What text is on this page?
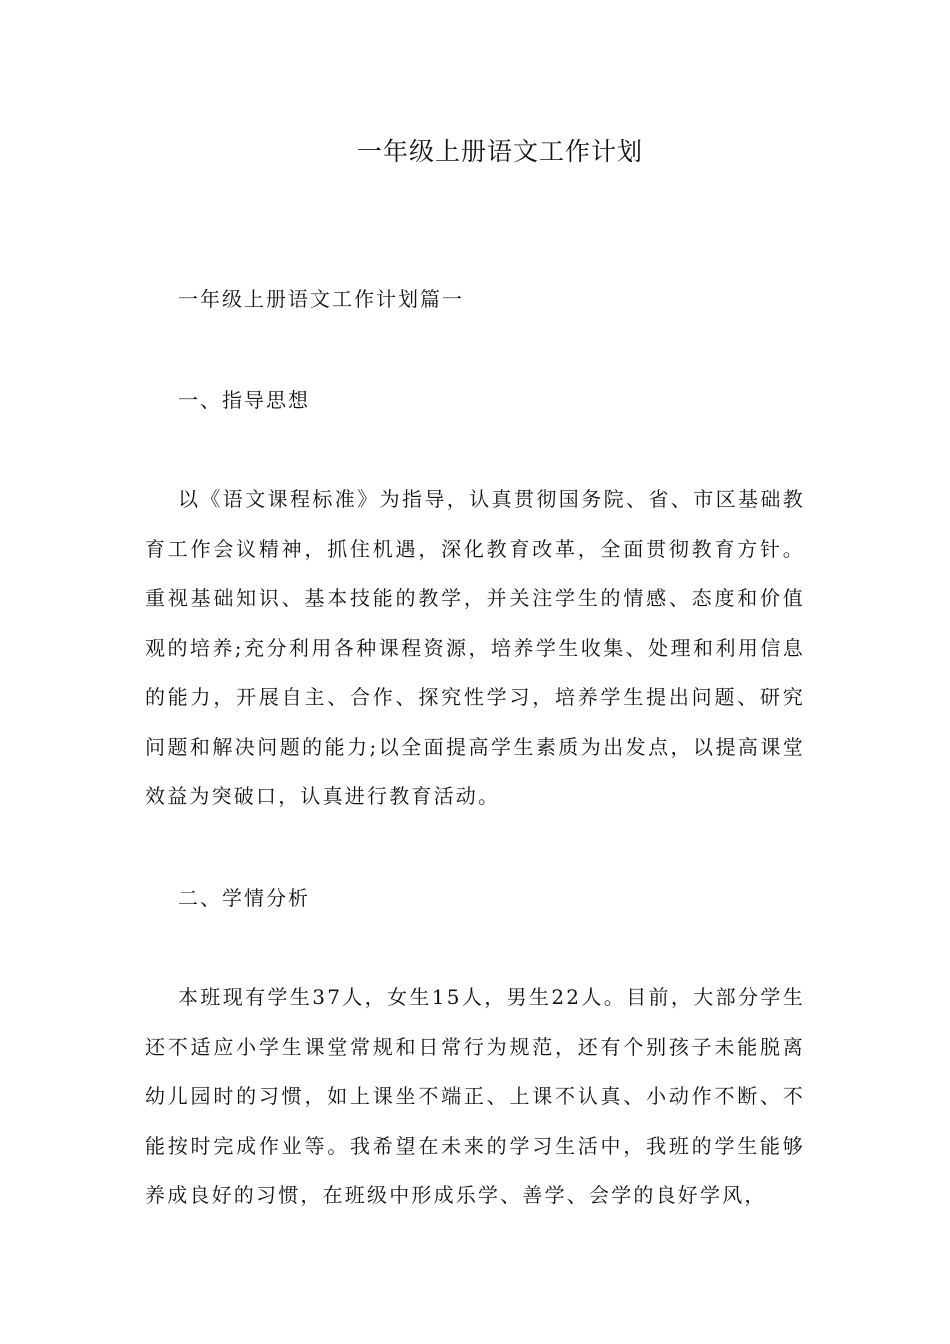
一年级上册语文工作计划

一年级上册语文工作计划篇一

一、指导思想

以《语文课程标准》为指导，认真贯彻国务院、省、市区基础教育工作会议精神，抓住机遇，深化教育改革，全面贯彻教育方针。重视基础知识、基本技能的教学，并关注学生的情感、态度和价值观的培养;充分利用各种课程资源，培养学生收集、处理和利用信息的能力，开展自主、合作、探究性学习，培养学生提出问题、研究问题和解决问题的能力;以全面提高学生素质为出发点，以提高课堂效益为突破口，认真进行教育活动。

二、学情分析

本班现有学生37人，女生15人，男生22人。目前，大部分学生还不适应小学生课堂常规和日常行为规范，还有个别孩子未能脱离幼儿园时的习惯，如上课坐不端正、上课不认真、小动作不断、不能按时完成作业等。我希望在未来的学习生活中，我班的学生能够养成良好的习惯，在班级中形成乐学、善学、会学的良好学风，
